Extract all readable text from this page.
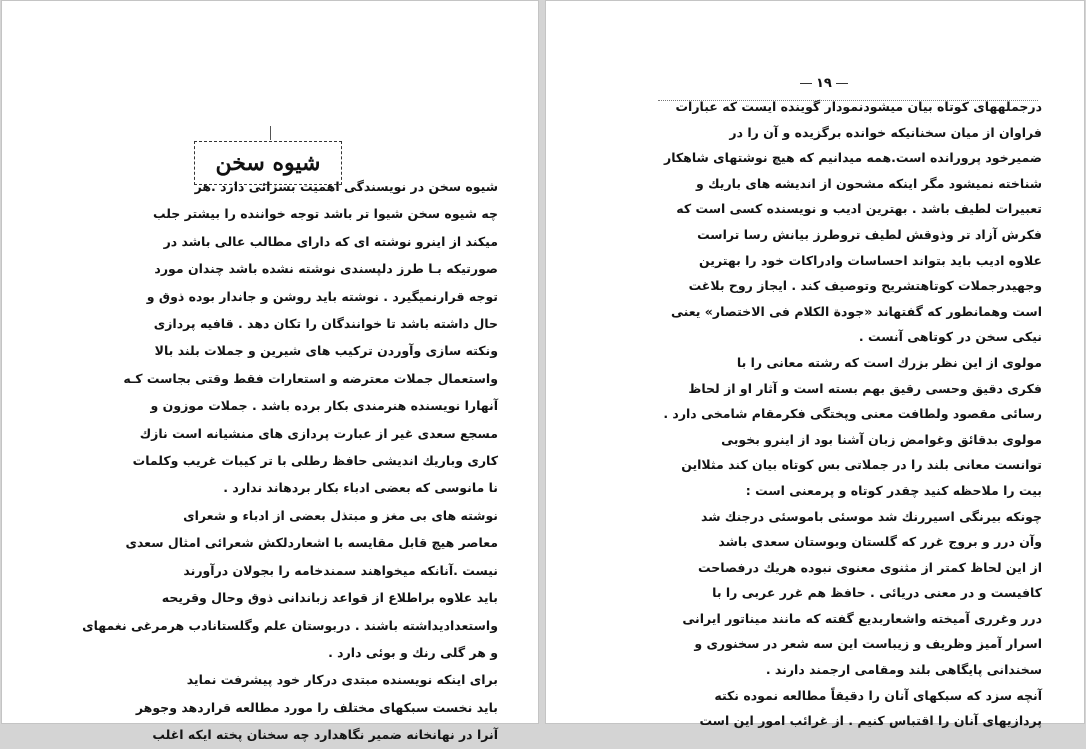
شیوه سخن
شیوه سخن در نویسندگی اهمیت بسزائی دارد .هر
چه شیوه سخن شیوا تر باشد توجه خواننده را بیشتر جلب
میکند از اینرو نوشته ای که دارای مطالب عالی باشد در
صورتیکه بـا طرز دلپسندی نوشته نشده باشد چندان مورد
توجه قرارنمیگیرد . نوشته باید روشن و جاندار بوده ذوق و
حال داشته باشد تا خوانندگان را تکان دهد . قافیه پردازی
ونکته سازی وآوردن ترکیب های شیرین و جملات بلند بالا
واستعمال جملات معترضه و استعارات فقط وقتی بجاست کـه
آنهارا نویسنده هنرمندی بکار برده باشد . جملات موزون و
مسجع سعدی غیر از عبارت پردازی های منشیانه است نازك
کاری وباریك اندیشی حافظ رطلی با تر کیبات غریب وکلمات
نا مانوسی که بعضی ادباء بکار بردهاند ندارد .
نوشته های بی مغز و مبتذل بعضی از ادباء و شعرای
معاصر هیچ قابل مقایسه با اشعاردلکش شعرائی امثال سعدی
نیست .آنانکه میخواهند سمندخامه را بجولان درآورند
باید علاوه براطلاع از قواعد زباندانی ذوق وحال وقریحه
واستعدادیداشته باشند . دربوستان علم وگلستانادب هرمرغی نغمهای
و هر گلی رنك و بوئی دارد .
برای اینکه نویسنده مبتدی درکار خود پیشرفت نماید
باید نخست سبکهای مختلف را مورد مطالعه قراردهد وجوهر
آنرا در نهانخانه ضمیر نگاهدارد چه سخنان پخته ایکه اغلب
۱۹
درجملههای کوتاه بیان میشودنمودار گوینده ایست که عبارات
فراوان از میان سخنانیکه خوانده برگزیده و آن را در
ضمیرخود پرورانده است.همه میدانیم که هیچ نوشتهای شاهکار
شناخته نمیشود مگر اینکه مشحون از اندیشه های باریك و
تعبیرات لطیف باشد . بهترین ادیب و نویسنده کسی است که
فکرش آزاد تر وذوقش لطیف تروطرز بیانش رسا تراست
علاوه ادیب باید بتواند احساسات وادراکات خود را بهترین
وجهیدرجملات کوتاهتشریح وتوصیف کند . ایجاز روح بلاغت
است وهمانطور که گفتهاند «جودة الکلام فی الاختصار» یعنی
نیکی سخن در کوتاهی آنست .
مولوی از این نظر بزرك است که رشته معانی را با
فکری دقیق وحسی رقیق بهم بسته است و آثار او از لحاظ
رسائی مقصود ولطافت معنی وپختگی فکرمقام شامخی دارد .
مولوی بدقائق وغوامض زبان آشنا بود از اینرو بخوبی
توانست معانی بلند را در جملاتی بس کوتاه بیان کند مثلااین
بیت را ملاحظه کنید چقدر کوتاه و پرمعنی است :
چونکه بیرنگی اسیررنك شد موسئی باموسئی درجنك شد
وآن درر و بروج غرر که گلستان وبوستان سعدی باشد
از این لحاظ کمتر از مثنوی معنوی نبوده هریك درفصاحت
کافیست و در معنی دریائی . حافظ هم غرر عربی را با
درر وغرری آمیخته واشعاربدیع گفته که مانند میناتور ایرانی
اسرار آمیز وظریف و زیباست این سه شعر در سخنوری و
سخندانی پایگاهی بلند ومقامی ارجمند دارند .
آنچه سزد که سبکهای آنان را دقیقاً مطالعه نموده نکته
پردازیهای آنان را اقتباس کنیم . از غرائب امور این است
